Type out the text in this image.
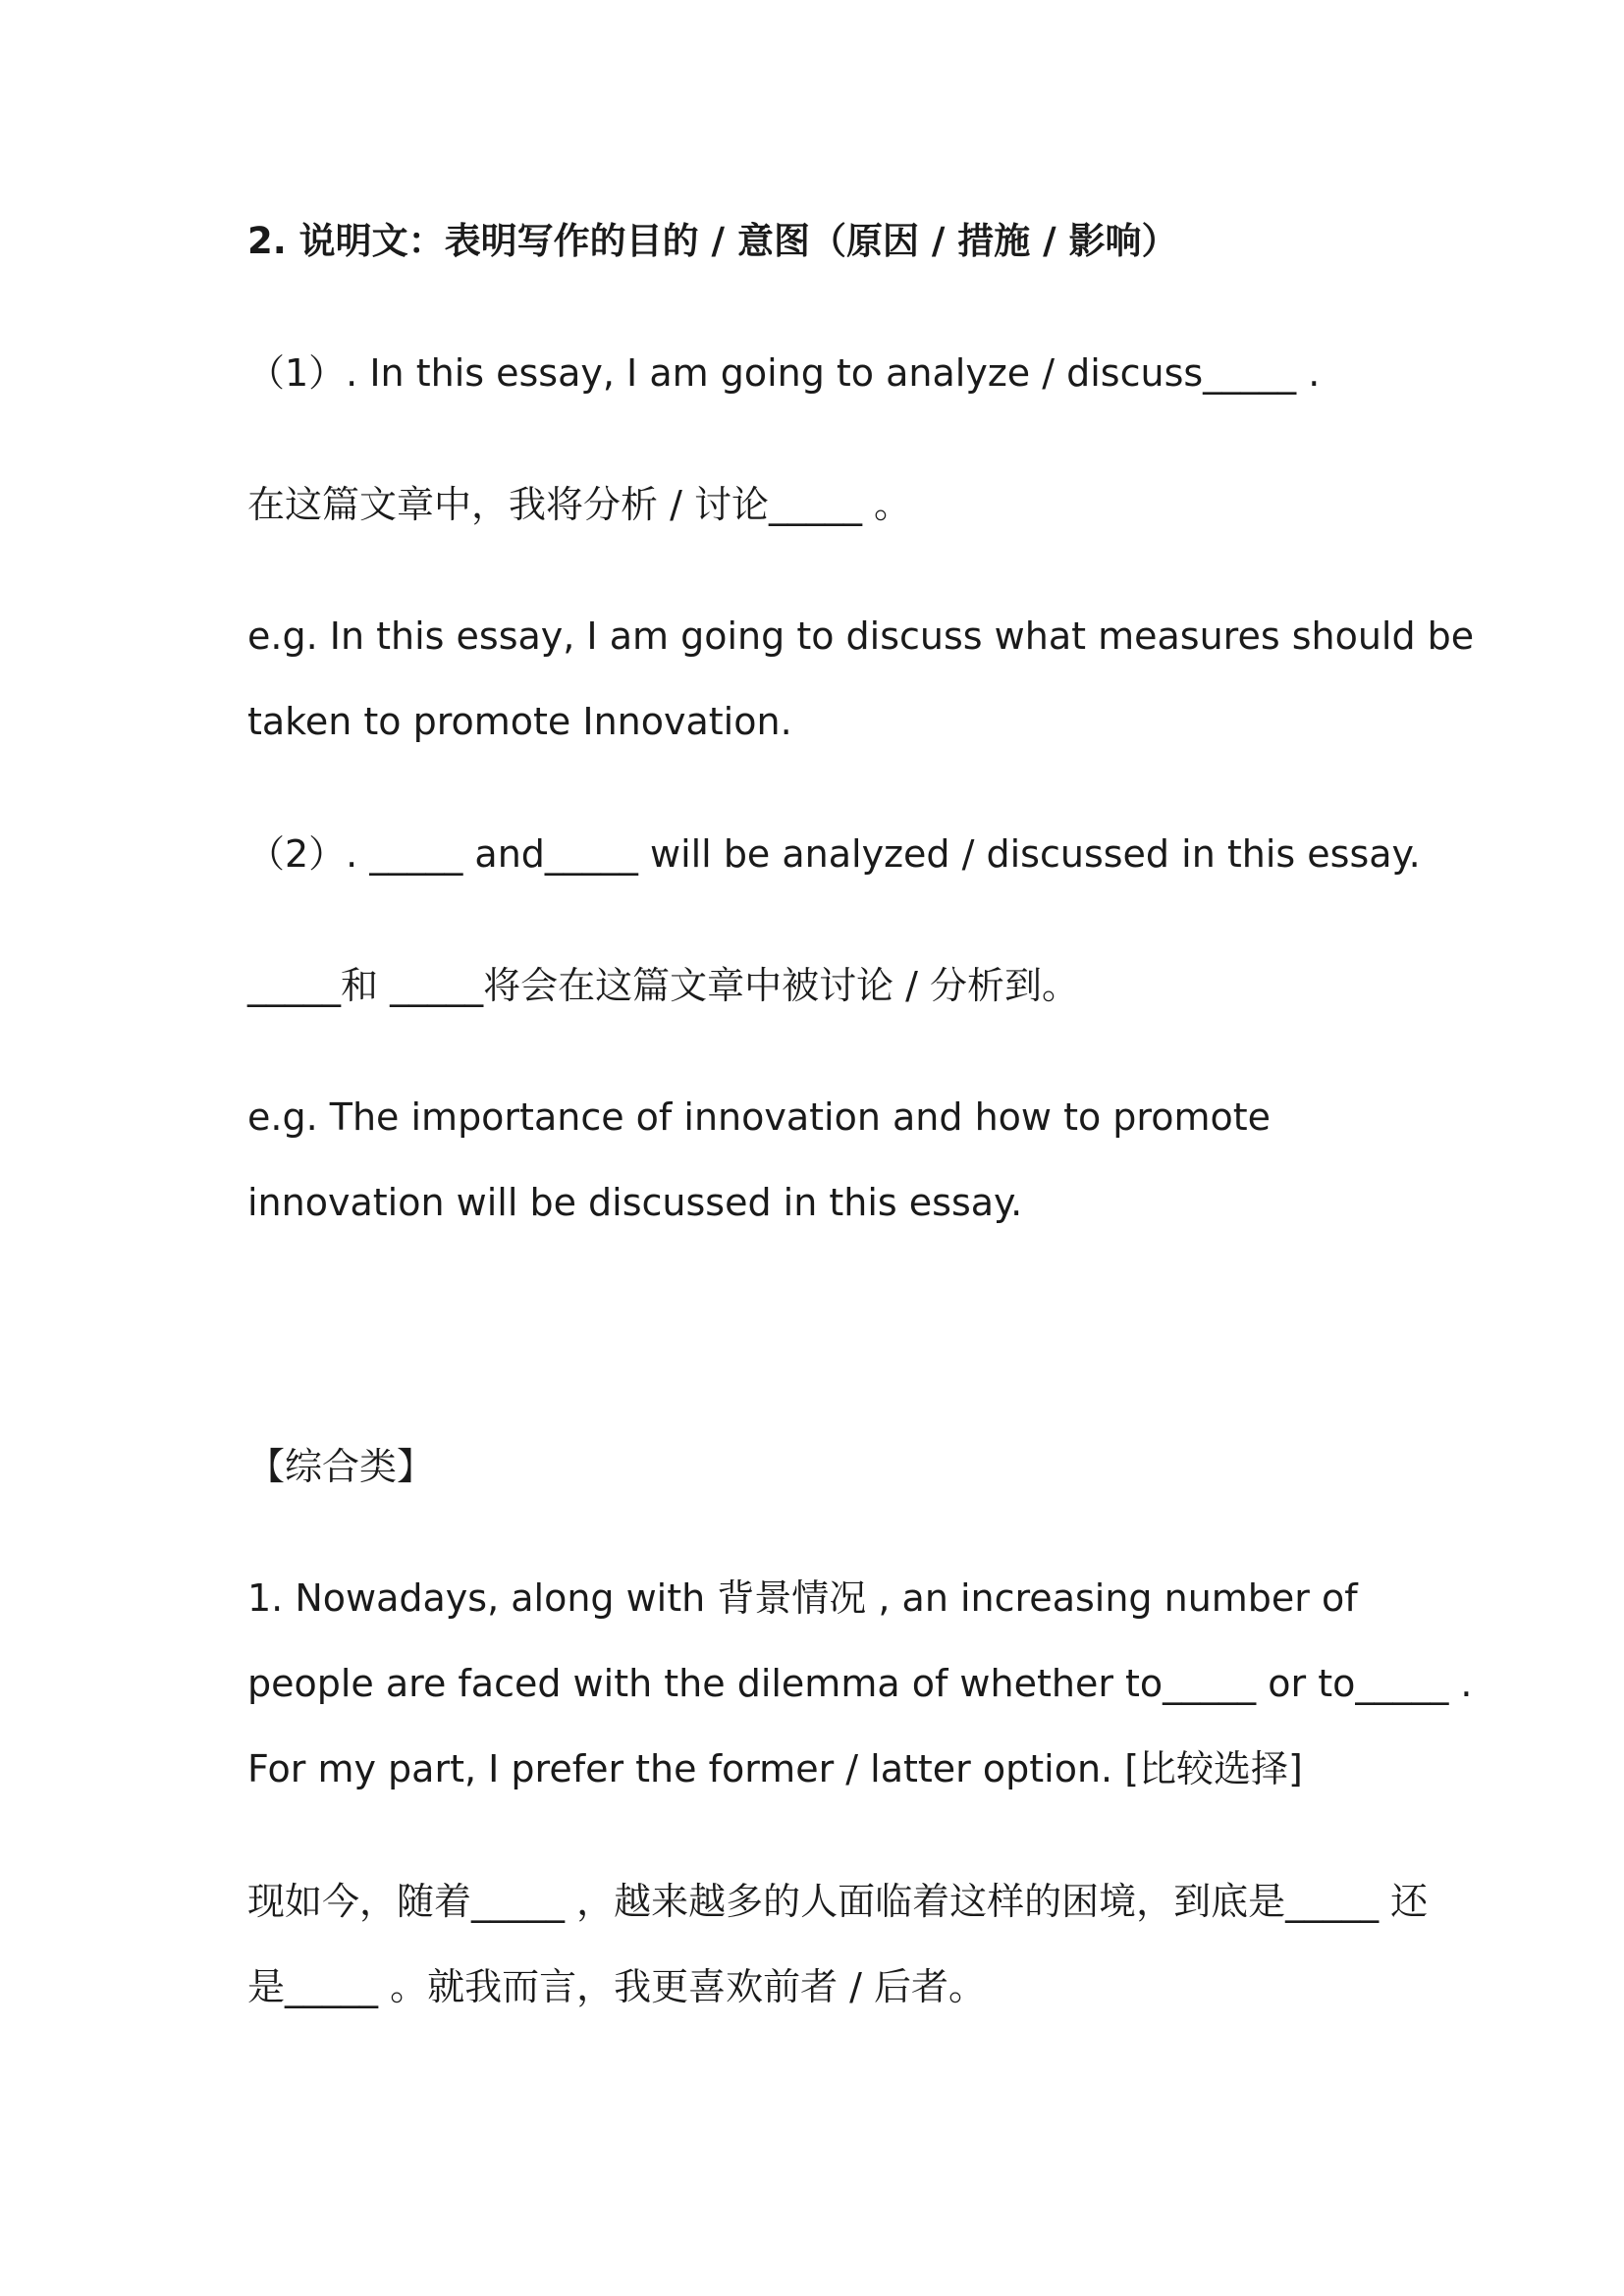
2. 说明文：表明写作的目的 / 意图（原因 / 措施 / 影响）
（1）. In this essay, I am going to analyze / discuss_____ .
在这篇文章中，我将分析 / 讨论_____ 。
e.g. In this essay, I am going to discuss what measures should be
taken to promote Innovation.
（2）. _____ and_____ will be analyzed / discussed in this essay.
_____和 _____将会在这篇文章中被讨论 / 分析到。
e.g. The importance of innovation and how to promote
innovation will be discussed in this essay.
【综合类】
1. Nowadays, along with 背景情况 , an increasing number of
people are faced with the dilemma of whether to_____ or to_____ .
For my part, I prefer the former / latter option. [比较选择]
现如今，随着_____ ，越来越多的人面临着这样的困境，到底是_____ 还
是_____ 。就我而言，我更喜欢前者 / 后者。
